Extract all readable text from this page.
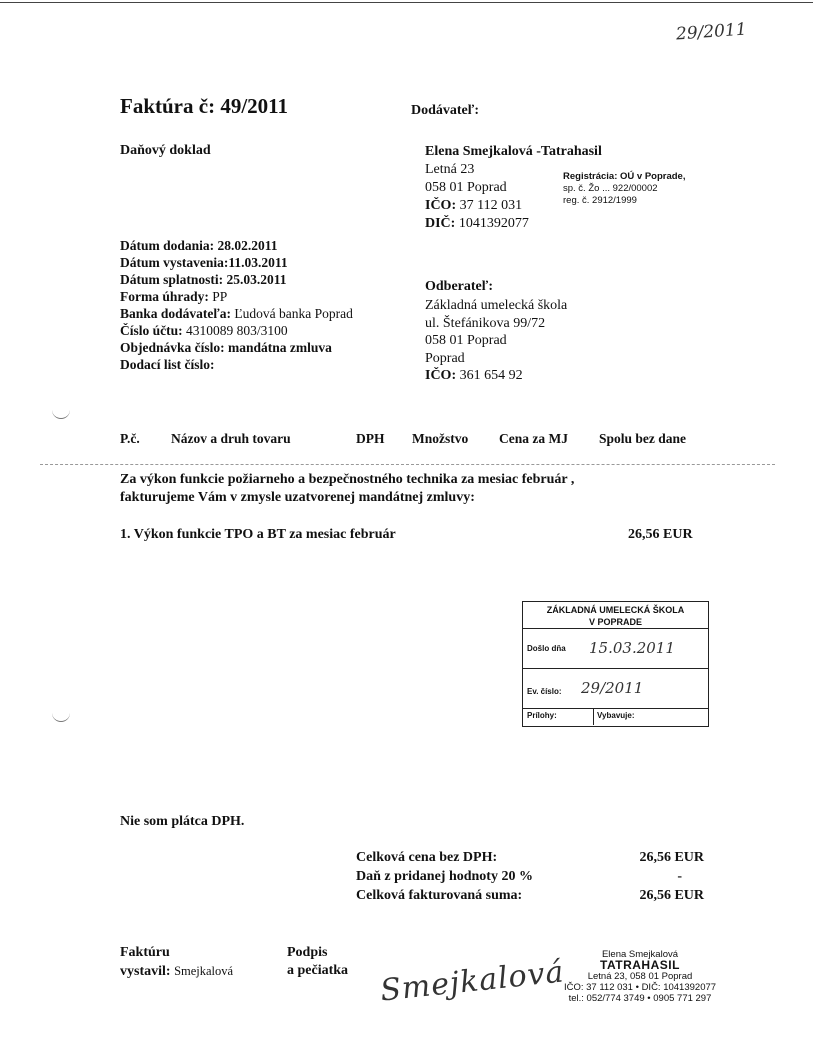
29/2011
Faktúra č: 49/2011
Daňový doklad
Dodávateľ:
Elena Smejkalová -Tatrahasil
Letná 23
058 01 Poprad
IČO: 37 112 031
DIČ: 1041392077
Registrácia: OÚ v Poprade,
sp. č. Žo ... 922/00002
reg. č. 2912/1999
Dátum dodania: 28.02.2011
Dátum vystavenia:11.03.2011
Dátum splatnosti: 25.03.2011
Forma úhrady: PP
Banka dodávateľa: Ľudová banka Poprad
Číslo účtu: 4310089 803/3100
Objednávka číslo: mandátna zmluva
Dodací list číslo:
Odberateľ:
Základná umelecká škola
ul. Štefánikova 99/72
058 01 Poprad
Poprad
IČO: 361 654 92
P.č. Názov a druh tovaru	DPH Množstvo Cena za MJ Spolu bez dane
Za výkon funkcie požiarneho a bezpečnostného technika za mesiac február ,
fakturujeme Vám v zmysle uzatvorenej mandátnej zmluvy:
1. Výkon funkcie TPO a BT za mesiac február	26,56 EUR
ZÁKLADNÁ UMELECKÁ ŠKOLA
V POPRADE
Došlo dňa 15.03.2011
Ev. číslo: 29/2011
Prílohy:	Vybavuje:
Nie som plátca DPH.
Celková cena bez DPH:	26,56 EUR
Daň z pridanej hodnoty 20 %	-
Celková fakturovaná suma:	26,56 EUR
Faktúru
vystavil: Smejkalová
Podpis
a pečiatka Smejkalová	Elena Smejkalová
TATRAHASIL
Letná 23, 058 01 Poprad
IČO: 37 112 031 • DIČ: 1041392077
tel.: 052/774 3749 • 0905 771 297
